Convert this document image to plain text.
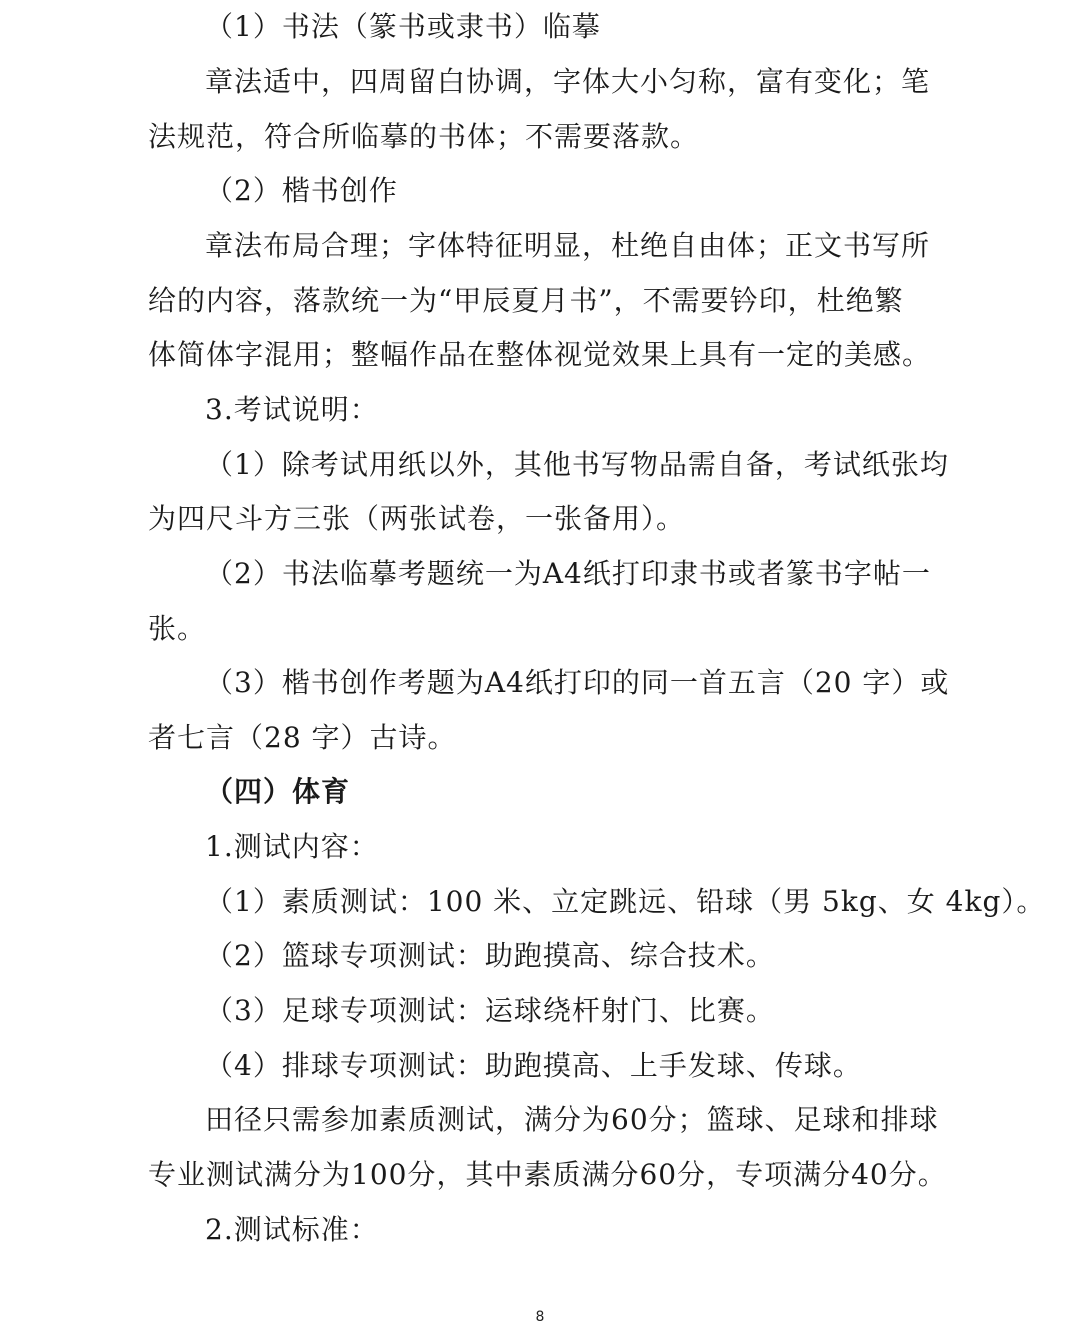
（1）书法（篆书或隶书）临摹
章法适中，四周留白协调，字体大小匀称，富有变化；笔
法规范，符合所临摹的书体；不需要落款。
（2）楷书创作
章法布局合理；字体特征明显，杜绝自由体；正文书写所
给的内容，落款统一为“甲辰夏月书”，不需要钤印，杜绝繁
体简体字混用；整幅作品在整体视觉效果上具有一定的美感。
3.考试说明：
（1）除考试用纸以外，其他书写物品需自备，考试纸张均
为四尺斗方三张（两张试卷，一张备用）。
（2）书法临摹考题统一为A4纸打印隶书或者篆书字帖一
张。
（3）楷书创作考题为A4纸打印的同一首五言（20 字）或
者七言（28 字）古诗。
（四）体育
1.测试内容：
（1）素质测试：100 米、立定跳远、铅球（男 5kg、女 4kg）。
（2）篮球专项测试：助跑摸高、综合技术。
（3）足球专项测试：运球绕杆射门、比赛。
（4）排球专项测试：助跑摸高、上手发球、传球。
田径只需参加素质测试，满分为60分；篮球、足球和排球
专业测试满分为100分，其中素质满分60分，专项满分40分。
2.测试标准：
8
